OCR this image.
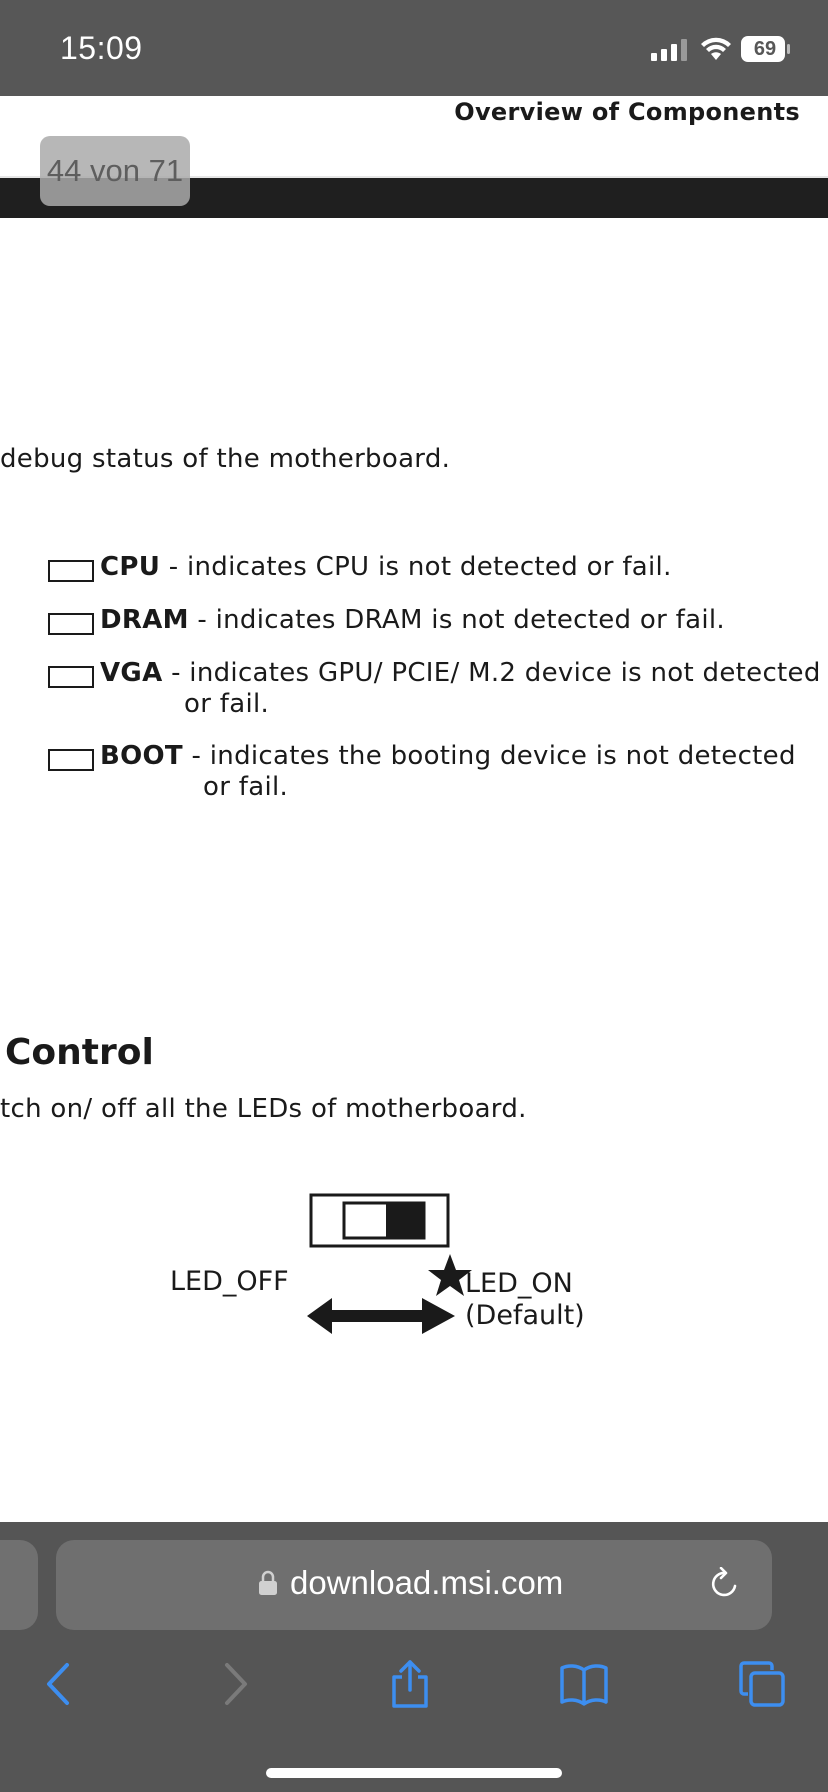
15:09	69
Overview of Components
44 von 71
debug status of the motherboard.
CPU - indicates CPU is not detected or fail.
DRAM - indicates DRAM is not detected or fail.
VGA - indicates GPU/ PCIE/ M.2 device is not detected
or fail.
BOOT - indicates the booting device is not detected
or fail.
Control
tch on/ off all the LEDs of motherboard.
LED_OFF	LED_ON
(Default)
download.msi.com
